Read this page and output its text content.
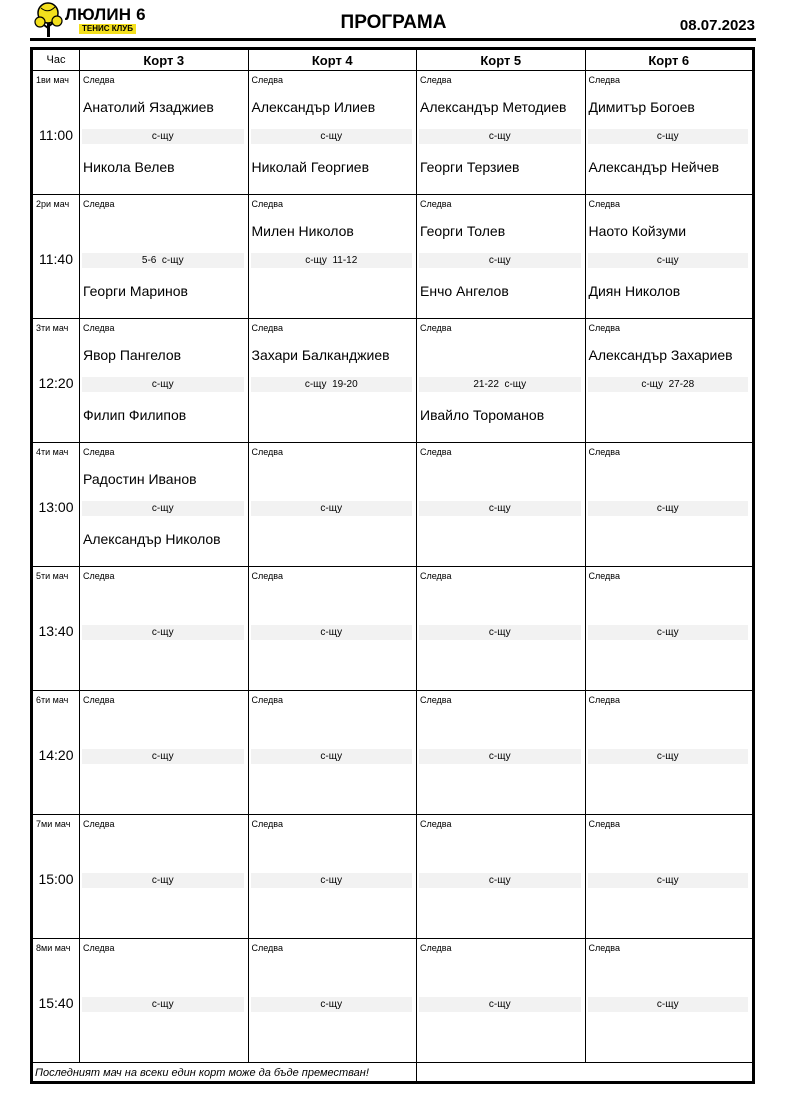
ЛЮЛИН 6
ТЕНИС КЛУБ	ПРОГРАМА	08.07.2023
Час	Корт 3	Корт 4	Корт 5	Корт 6

1ви мач
11:00	Следва
Анатолий Язаджиев
с-щу
Никола Велев	Следва
Александър Илиев
с-щу
Николай Георгиев	Следва
Александър Методиев
с-щу
Георги Терзиев	Следва
Димитър Богоев
с-щу
Александър Нейчев

2ри мач
11:40	Следва
5-6  с-щу
Георги Маринов	Следва
Милен Николов
с-щу  11-12	Следва
Георги Толев
с-щу
Енчо Ангелов	Следва
Наото Койзуми
с-щу
Диян Николов

3ти мач
12:20	Следва
Явор Пангелов
с-щу
Филип Филипов	Следва
Захари Балканджиев
с-щу  19-20	Следва
21-22  с-щу
Ивайло Тороманов	Следва
Александър Захариев
с-щу  27-28

4ти мач
13:00	Следва
Радостин Иванов
с-щу
Александър Николов	Следва
с-щу	Следва
с-щу	Следва
с-щу

5ти мач
13:40	Следва
с-щу	Следва
с-щу	Следва
с-щу	Следва
с-щу

6ти мач
14:20	Следва
с-щу	Следва
с-щу	Следва
с-щу	Следва
с-щу

7ми мач
15:00	Следва
с-щу	Следва
с-щу	Следва
с-щу	Следва
с-щу

8ми мач
15:40	Следва
с-щу	Следва
с-щу	Следва
с-щу	Следва
с-щу

Последният мач на всеки един корт може да бъде преместван!				
